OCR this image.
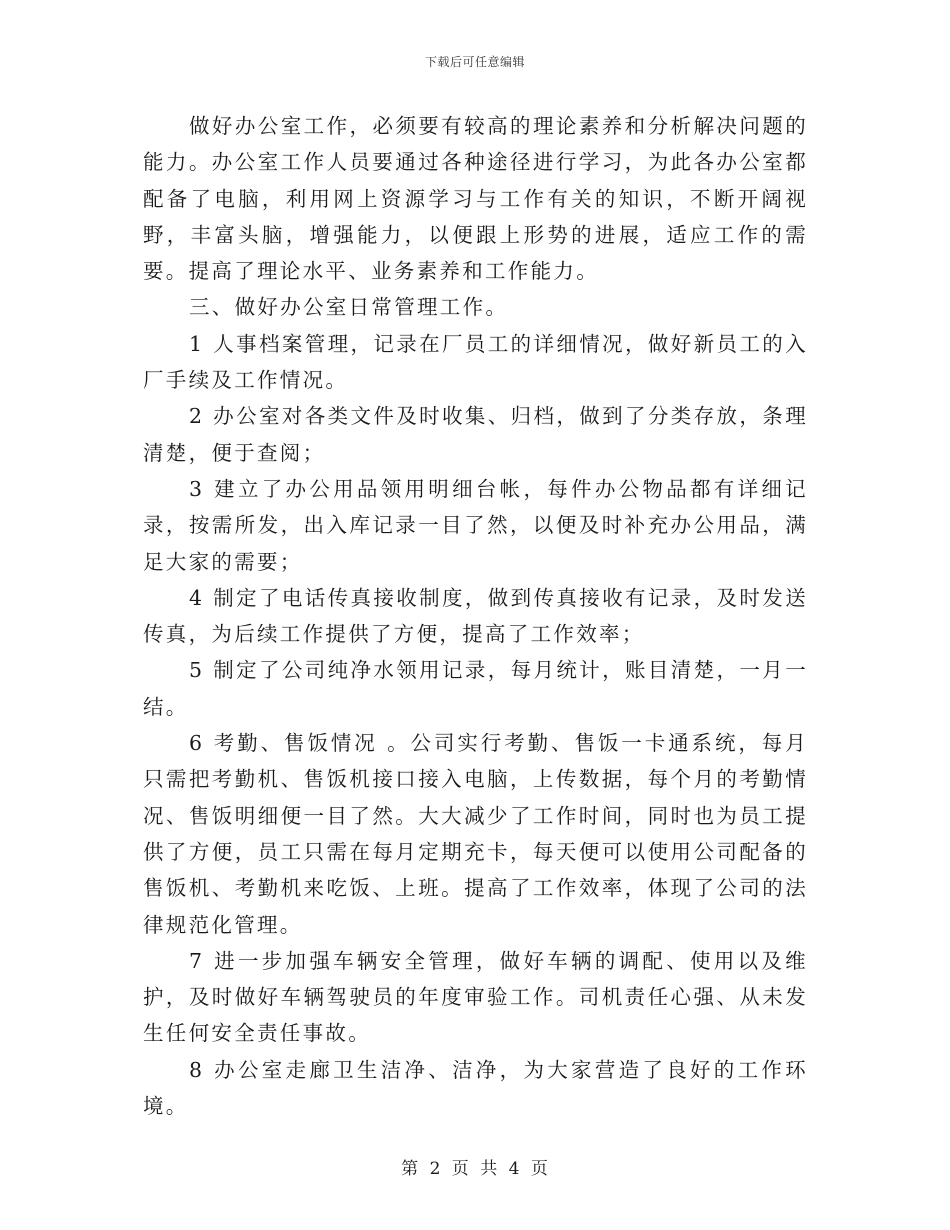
下载后可任意编辑

做好办公室工作，必须要有较高的理论素养和分析解决问题的能力。办公室工作人员要通过各种途径进行学习，为此各办公室都配备了电脑，利用网上资源学习与工作有关的知识，不断开阔视野，丰富头脑，增强能力，以便跟上形势的进展，适应工作的需要。提高了理论水平、业务素养和工作能力。

三、做好办公室日常管理工作。

1 人事档案管理，记录在厂员工的详细情况，做好新员工的入厂手续及工作情况。

2 办公室对各类文件及时收集、归档，做到了分类存放，条理清楚，便于查阅；

3 建立了办公用品领用明细台帐，每件办公物品都有详细记录，按需所发，出入库记录一目了然，以便及时补充办公用品，满足大家的需要；

4 制定了电话传真接收制度，做到传真接收有记录，及时发送传真，为后续工作提供了方便，提高了工作效率；

5 制定了公司纯净水领用记录，每月统计，账目清楚，一月一结。

6 考勤、售饭情况 。公司实行考勤、售饭一卡通系统，每月只需把考勤机、售饭机接口接入电脑，上传数据，每个月的考勤情况、售饭明细便一目了然。大大减少了工作时间，同时也为员工提供了方便，员工只需在每月定期充卡，每天便可以使用公司配备的售饭机、考勤机来吃饭、上班。提高了工作效率，体现了公司的法律规范化管理。

7 进一步加强车辆安全管理，做好车辆的调配、使用以及维护，及时做好车辆驾驶员的年度审验工作。司机责任心强、从未发生任何安全责任事故。

8 办公室走廊卫生洁净、洁净，为大家营造了良好的工作环境。

第 2 页 共 4 页
